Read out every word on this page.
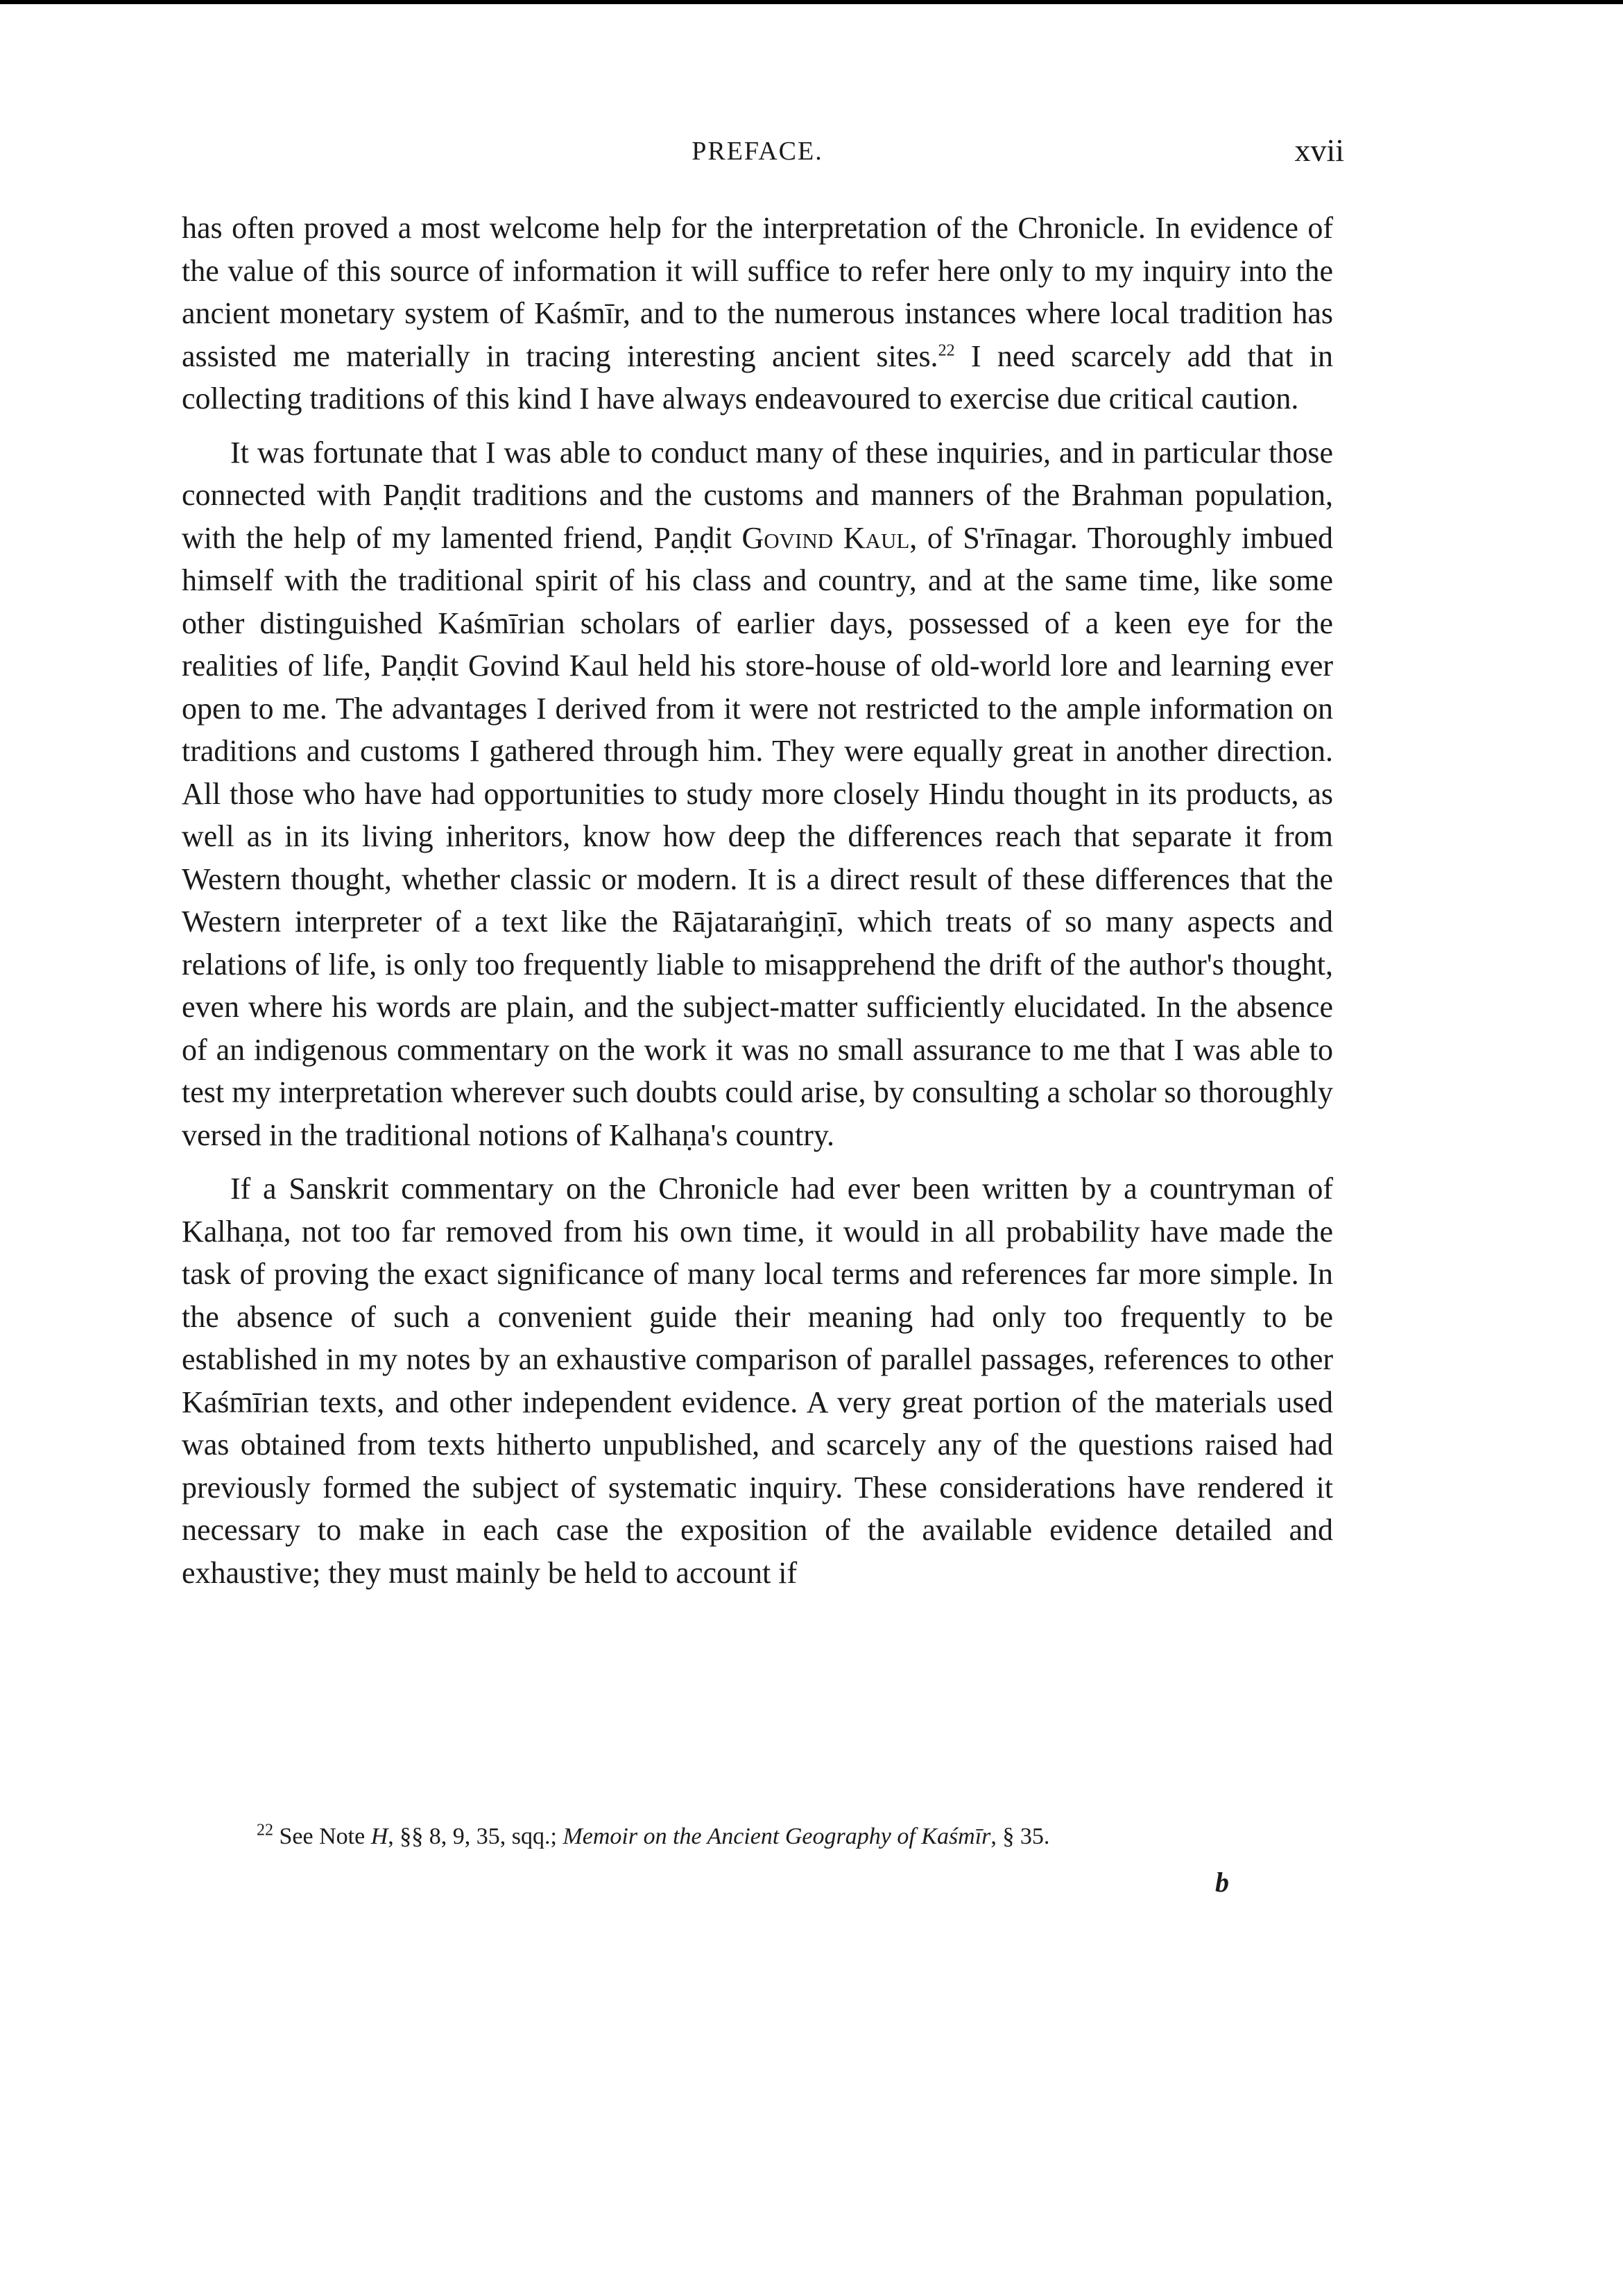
PREFACE.	xvii

has often proved a most welcome help for the interpretation of the Chronicle. In evidence of the value of this source of information it will suffice to refer here only to my inquiry into the ancient monetary system of Kaśmīr, and to the numerous instances where local tradition has assisted me materially in tracing interesting ancient sites.$^{22}$ I need scarcely add that in collecting traditions of this kind I have always endeavoured to exercise due critical caution.

It was fortunate that I was able to conduct many of these inquiries, and in particular those connected with Paṇḍit traditions and the customs and manners of the Brahman population, with the help of my lamented friend, Paṇḍit Govind Kaul, of S'rīnagar. Thoroughly imbued himself with the traditional spirit of his class and country, and at the same time, like some other distinguished Kaśmīrian scholars of earlier days, possessed of a keen eye for the realities of life, Paṇḍit Govind Kaul held his store-house of old-world lore and learning ever open to me. The advantages I derived from it were not restricted to the ample information on traditions and customs I gathered through him. They were equally great in another direction. All those who have had opportunities to study more closely Hindu thought in its products, as well as in its living inheritors, know how deep the differences reach that separate it from Western thought, whether classic or modern. It is a direct result of these differences that the Western interpreter of a text like the Rājataraṅgiṇī, which treats of so many aspects and relations of life, is only too frequently liable to misapprehend the drift of the author's thought, even where his words are plain, and the subject-matter sufficiently elucidated. In the absence of an indigenous commentary on the work it was no small assurance to me that I was able to test my interpretation wherever such doubts could arise, by consulting a scholar so thoroughly versed in the traditional notions of Kalhaṇa's country.

If a Sanskrit commentary on the Chronicle had ever been written by a countryman of Kalhaṇa, not too far removed from his own time, it would in all probability have made the task of proving the exact significance of many local terms and references far more simple. In the absence of such a convenient guide their meaning had only too frequently to be established in my notes by an exhaustive comparison of parallel passages, references to other Kaśmīrian texts, and other independent evidence. A very great portion of the materials used was obtained from texts hitherto unpublished, and scarcely any of the questions raised had previously formed the subject of systematic inquiry. These considerations have rendered it necessary to make in each case the exposition of the available evidence detailed and exhaustive; they must mainly be held to account if

$^{22}$ See Note H, §§ 8, 9, 35, sqq.; Memoir on the Ancient Geography of Kaśmīr, § 35.
b
